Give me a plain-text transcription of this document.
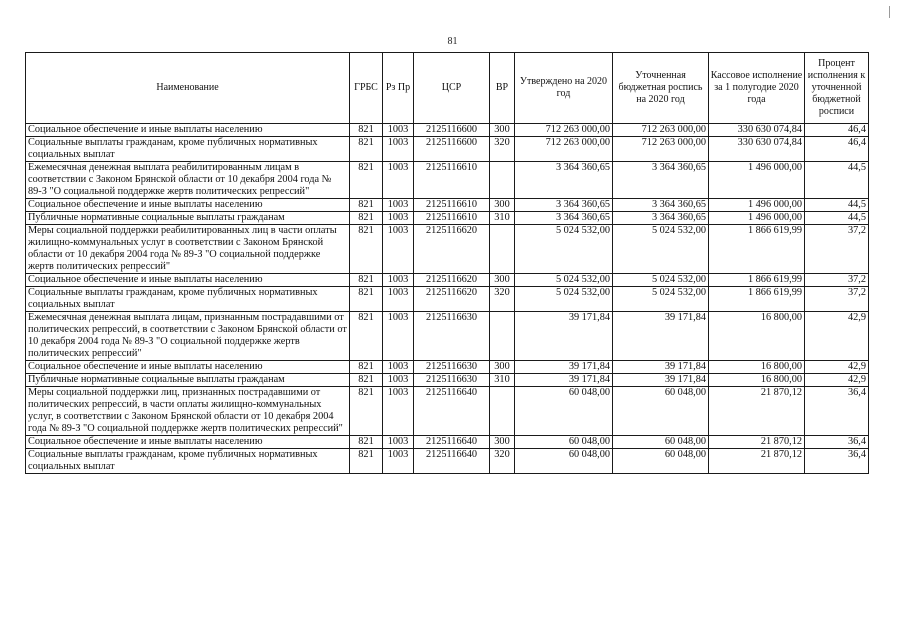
81
Наименование	ГРБС	Рз Пр	ЦСР	ВР	Утверждено на 2020 год	Уточненная бюджетная роспись на 2020 год	Кассовое исполнение за 1 полугодие 2020 года	Процент исполнения к уточненной бюджетной росписи
Социальное обеспечение и иные выплаты населению	821	1003	2125116600	300	712 263 000,00	712 263 000,00	330 630 074,84	46,4
Социальные выплаты гражданам, кроме публичных нормативных социальных выплат	821	1003	2125116600	320	712 263 000,00	712 263 000,00	330 630 074,84	46,4
Ежемесячная денежная выплата реабилитированным лицам в соответствии с Законом Брянской области от 10 декабря 2004 года № 89-З "О социальной поддержке жертв политических репрессий"	821	1003	2125116610		3 364 360,65	3 364 360,65	1 496 000,00	44,5
Социальное обеспечение и иные выплаты населению	821	1003	2125116610	300	3 364 360,65	3 364 360,65	1 496 000,00	44,5
Публичные нормативные социальные выплаты гражданам	821	1003	2125116610	310	3 364 360,65	3 364 360,65	1 496 000,00	44,5
Меры социальной поддержки реабилитированных лиц в части оплаты жилищно-коммунальных услуг в соответствии с Законом Брянской области от 10 декабря 2004 года № 89-З "О социальной поддержке жертв политических репрессий"	821	1003	2125116620		5 024 532,00	5 024 532,00	1 866 619,99	37,2
Социальное обеспечение и иные выплаты населению	821	1003	2125116620	300	5 024 532,00	5 024 532,00	1 866 619,99	37,2
Социальные выплаты гражданам, кроме публичных нормативных социальных выплат	821	1003	2125116620	320	5 024 532,00	5 024 532,00	1 866 619,99	37,2
Ежемесячная денежная выплата лицам, признанным пострадавшими от политических репрессий, в соответствии с Законом Брянской области от 10 декабря 2004 года № 89-З "О социальной поддержке жертв политических репрессий"	821	1003	2125116630		39 171,84	39 171,84	16 800,00	42,9
Социальное обеспечение и иные выплаты населению	821	1003	2125116630	300	39 171,84	39 171,84	16 800,00	42,9
Публичные нормативные социальные выплаты гражданам	821	1003	2125116630	310	39 171,84	39 171,84	16 800,00	42,9
Меры социальной поддержки лиц, признанных пострадавшими от политических репрессий, в части оплаты жилищно-коммунальных услуг, в соответствии с Законом Брянской области от 10 декабря 2004 года № 89-З "О социальной поддержке жертв политических репрессий"	821	1003	2125116640		60 048,00	60 048,00	21 870,12	36,4
Социальное обеспечение и иные выплаты населению	821	1003	2125116640	300	60 048,00	60 048,00	21 870,12	36,4
Социальные выплаты гражданам, кроме публичных нормативных социальных выплат	821	1003	2125116640	320	60 048,00	60 048,00	21 870,12	36,4
